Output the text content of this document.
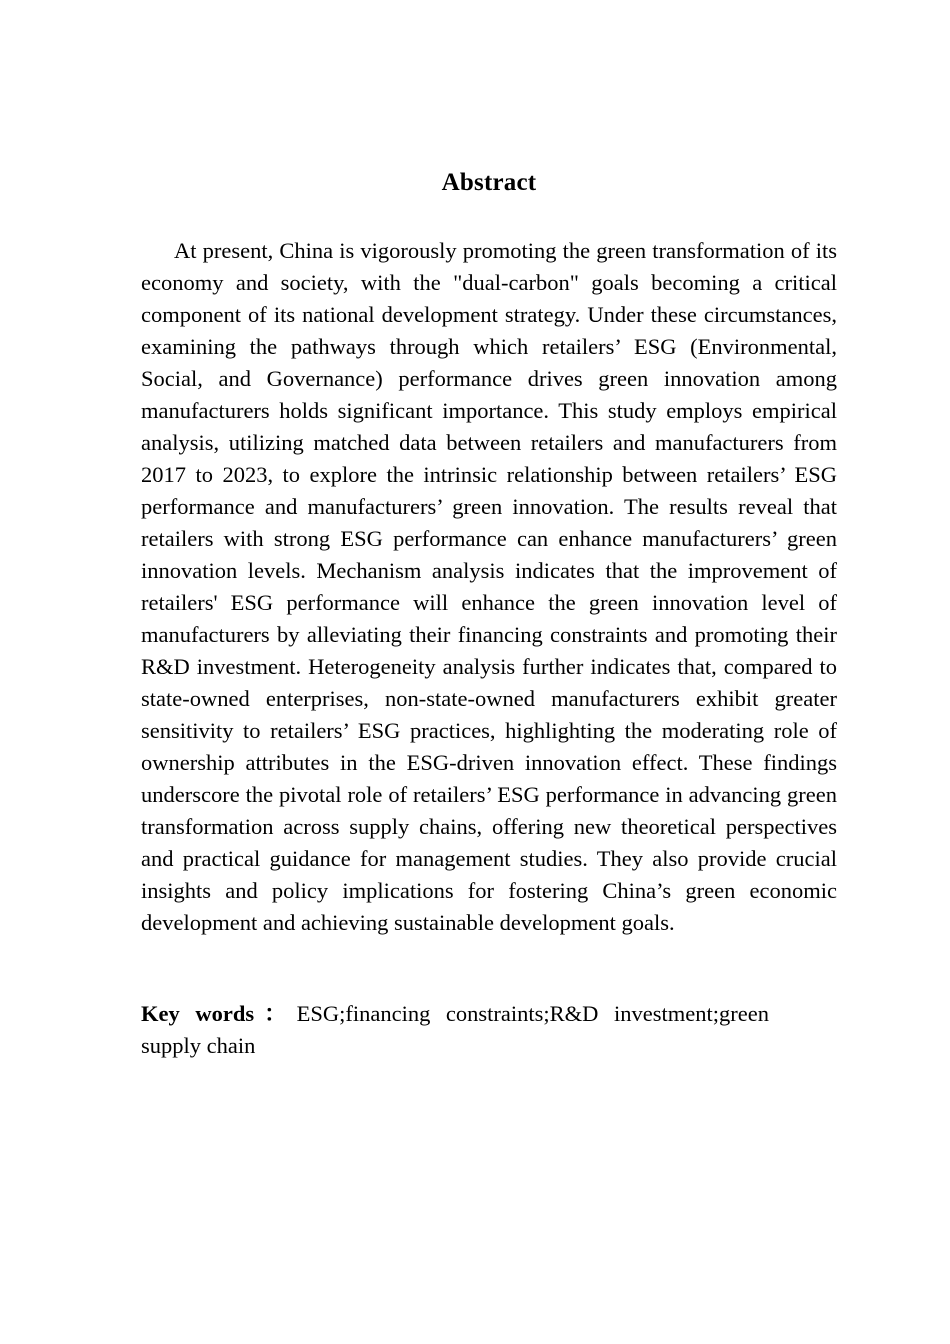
Abstract

At present, China is vigorously promoting the green transformation of its economy and society, with the "dual-carbon" goals becoming a critical component of its national development strategy. Under these circumstances, examining the pathways through which retailers’ ESG (Environmental, Social, and Governance) performance drives green innovation among manufacturers holds significant importance. This study employs empirical analysis, utilizing matched data between retailers and manufacturers from 2017 to 2023, to explore the intrinsic relationship between retailers’ ESG performance and manufacturers’ green innovation. The results reveal that retailers with strong ESG performance can enhance manufacturers’ green innovation levels. Mechanism analysis indicates that the improvement of retailers' ESG performance will enhance the green innovation level of manufacturers by alleviating their financing constraints and promoting their R&D investment. Heterogeneity analysis further indicates that, compared to state-owned enterprises, non-state-owned manufacturers exhibit greater sensitivity to retailers’ ESG practices, highlighting the moderating role of ownership attributes in the ESG-driven innovation effect. These findings underscore the pivotal role of retailers’ ESG performance in advancing green transformation across supply chains, offering new theoretical perspectives and practical guidance for management studies. They also provide crucial insights and policy implications for fostering China’s green economic development and achieving sustainable development goals.

Key words：ESG;financing constraints;R&D investment;green supply chain
